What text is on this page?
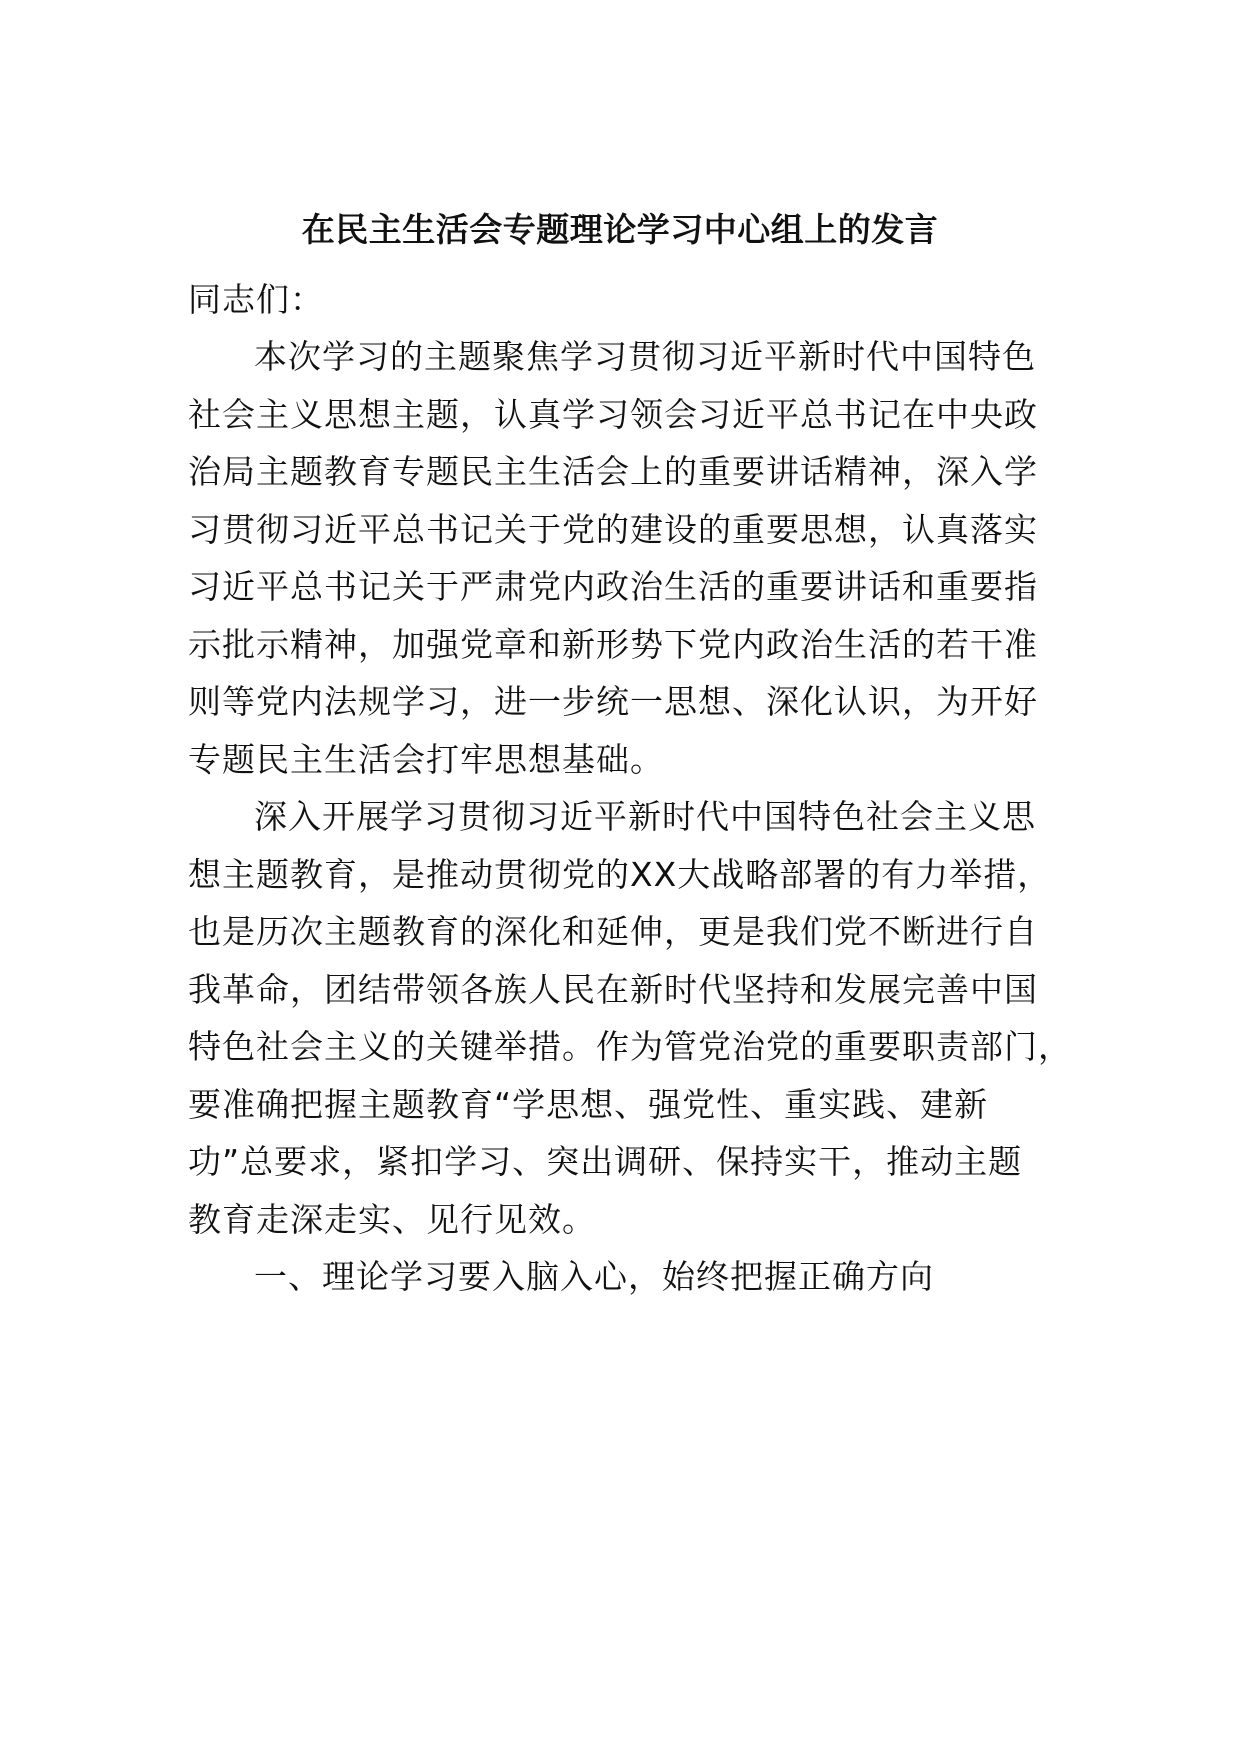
在民主生活会专题理论学习中心组上的发言
同志们：
本次学习的主题聚焦学习贯彻习近平新时代中国特色
社会主义思想主题，认真学习领会习近平总书记在中央政
治局主题教育专题民主生活会上的重要讲话精神，深入学
习贯彻习近平总书记关于党的建设的重要思想，认真落实
习近平总书记关于严肃党内政治生活的重要讲话和重要指
示批示精神，加强党章和新形势下党内政治生活的若干准
则等党内法规学习，进一步统一思想、深化认识，为开好
专题民主生活会打牢思想基础。
深入开展学习贯彻习近平新时代中国特色社会主义思
想主题教育，是推动贯彻党的XX大战略部署的有力举措，
也是历次主题教育的深化和延伸，更是我们党不断进行自
我革命，团结带领各族人民在新时代坚持和发展完善中国
特色社会主义的关键举措。作为管党治党的重要职责部门，
要准确把握主题教育“学思想、强党性、重实践、建新
功”总要求，紧扣学习、突出调研、保持实干，推动主题
教育走深走实、见行见效。
一、理论学习要入脑入心，始终把握正确方向
